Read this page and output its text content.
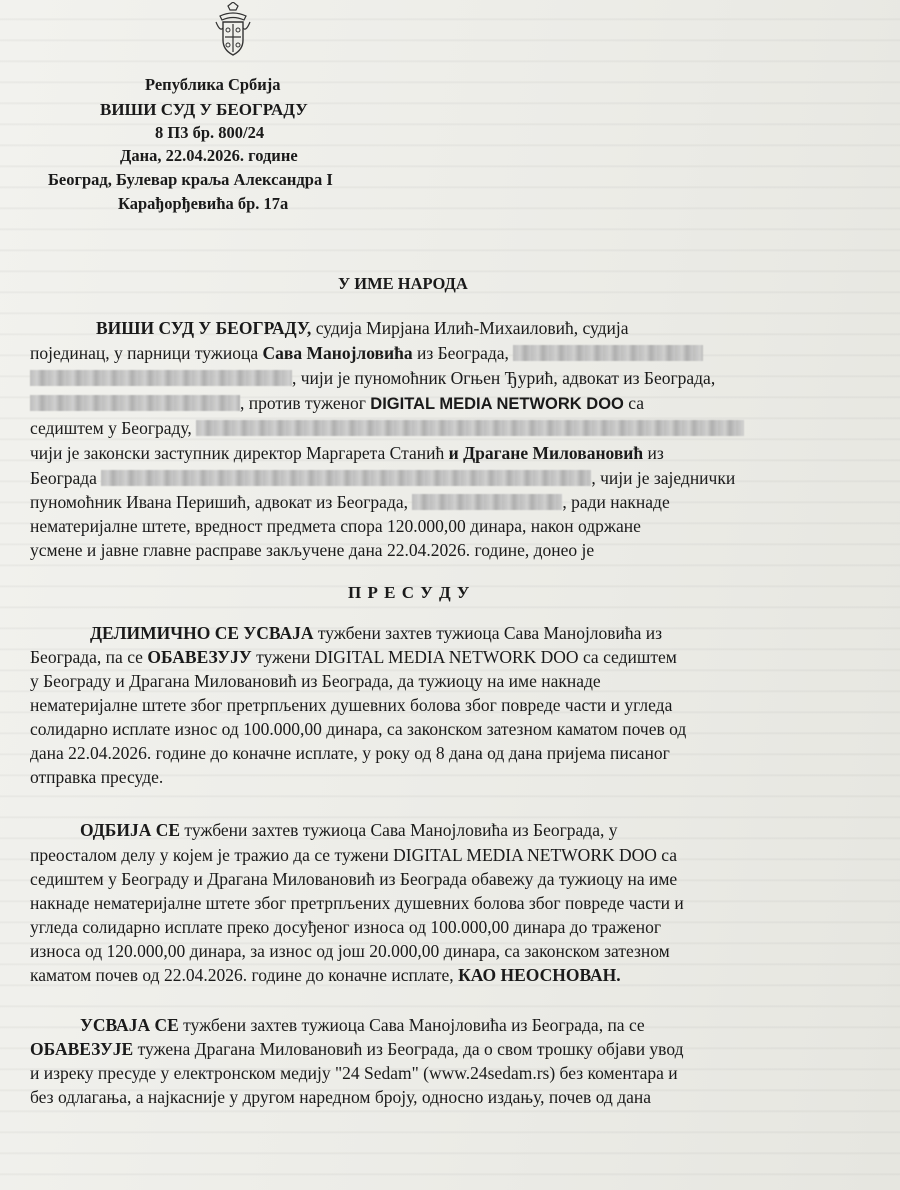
Република Србија
ВИШИ СУД У БЕОГРАДУ
8 П3 бр. 800/24
Дана, 22.04.2026. године
Београд, Булевар краља Александра I
Карађорђевића бр. 17а
У ИМЕ НАРОДА
ВИШИ СУД У БЕОГРАДУ, судија Мирјана Илић-Михаиловић, судија
појединац, у парници тужиоца Сава Манојловића из Београда,
, чији је пуномоћник Огњен Ђурић, адвокат из Београда,
, против туженог DIGITAL MEDIA NETWORK DOO са
седиштем у Београду,
чији је законски заступник директор Маргарета Станић и Драгане Миловановић из
Београда	, чији је заједнички
пуномоћник Ивана Перишић, адвокат из Београда,	, ради накнаде
нематеријалне штете, вредност предмета спора 120.000,00 динара, након одржане
усмене и јавне главне расправе закључене дана 22.04.2026. године, донео је
П Р Е С У Д У
ДЕЛИМИЧНО СЕ УСВАЈА тужбени захтев тужиоца Сава Манојловића из
Београда, па се ОБАВЕЗУЈУ тужени DIGITAL MEDIA NETWORK DOO са седиштем
у Београду и Драгана Миловановић из Београда, да тужиоцу на име накнаде
нематеријалне штете због претрпљених душевних болова због повреде части и угледа
солидарно исплате износ од 100.000,00 динара, са законском затезном каматом почев од
дана 22.04.2026. године до коначне исплате, у року од 8 дана од дана пријема писаног
отправка пресуде.
ОДБИЈА СЕ тужбени захтев тужиоца Сава Манојловића из Београда, у
преосталом делу у којем је тражио да се тужени DIGITAL MEDIA NETWORK DOO са
седиштем у Београду и Драгана Миловановић из Београда обавежу да тужиоцу на име
накнаде нематеријалне штете због претрпљених душевних болова због повреде части и
угледа солидарно исплате преко досуђеног износа од 100.000,00 динара до траженог
износа од 120.000,00 динара, за износ од још 20.000,00 динара, са законском затезном
каматом почев од 22.04.2026. године до коначне исплате, КАО НЕОСНОВАН.
УСВАЈА СЕ тужбени захтев тужиоца Сава Манојловића из Београда, па се
ОБАВЕЗУЈЕ тужена Драгана Миловановић из Београда, да о свом трошку објави увод
и изреку пресуде у електронском медију "24 Sedam" (www.24sedam.rs) без коментара и
без одлагања, а најкасније у другом наредном броју, односно издању, почев од дана
